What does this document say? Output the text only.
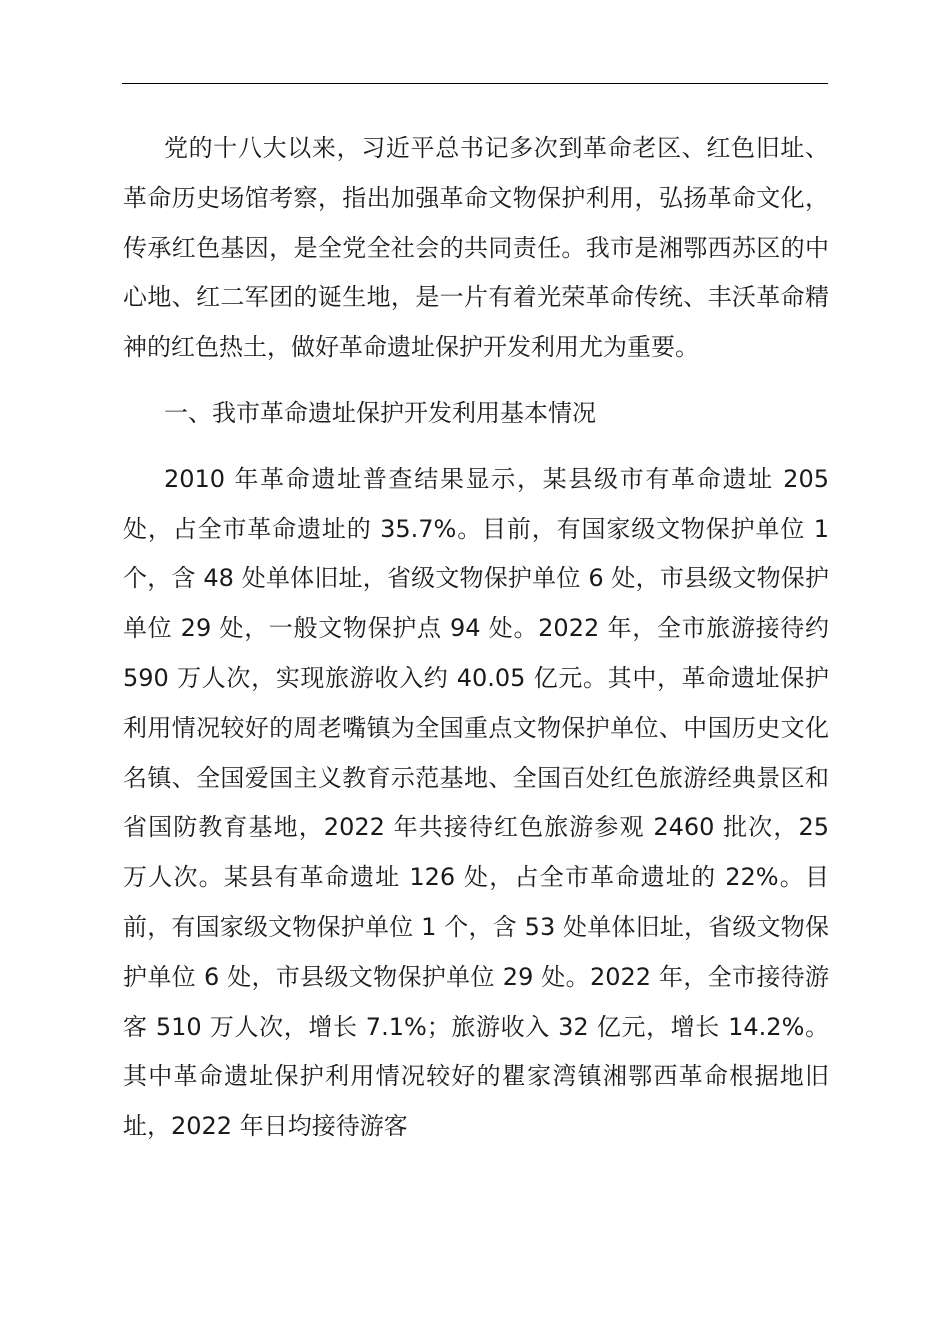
党的十八大以来，习近平总书记多次到革命老区、红色旧址、革命历史场馆考察，指出加强革命文物保护利用，弘扬革命文化，传承红色基因，是全党全社会的共同责任。我市是湘鄂西苏区的中心地、红二军团的诞生地，是一片有着光荣革命传统、丰沃革命精神的红色热土，做好革命遗址保护开发利用尤为重要。

一、我市革命遗址保护开发利用基本情况

2010 年革命遗址普查结果显示，某县级市有革命遗址 205 处，占全市革命遗址的 35.7%。目前，有国家级文物保护单位 1 个，含 48 处单体旧址，省级文物保护单位 6 处，市县级文物保护单位 29 处，一般文物保护点 94 处。2022 年，全市旅游接待约 590 万人次，实现旅游收入约 40.05 亿元。其中，革命遗址保护利用情况较好的周老嘴镇为全国重点文物保护单位、中国历史文化名镇、全国爱国主义教育示范基地、全国百处红色旅游经典景区和省国防教育基地，2022 年共接待红色旅游参观 2460 批次，25 万人次。某县有革命遗址 126 处，占全市革命遗址的 22%。目前，有国家级文物保护单位 1 个，含 53 处单体旧址，省级文物保护单位 6 处，市县级文物保护单位 29 处。2022 年，全市接待游客 510 万人次，增长 7.1%；旅游收入 32 亿元，增长 14.2%。其中革命遗址保护利用情况较好的瞿家湾镇湘鄂西革命根据地旧址，2022 年日均接待游客
